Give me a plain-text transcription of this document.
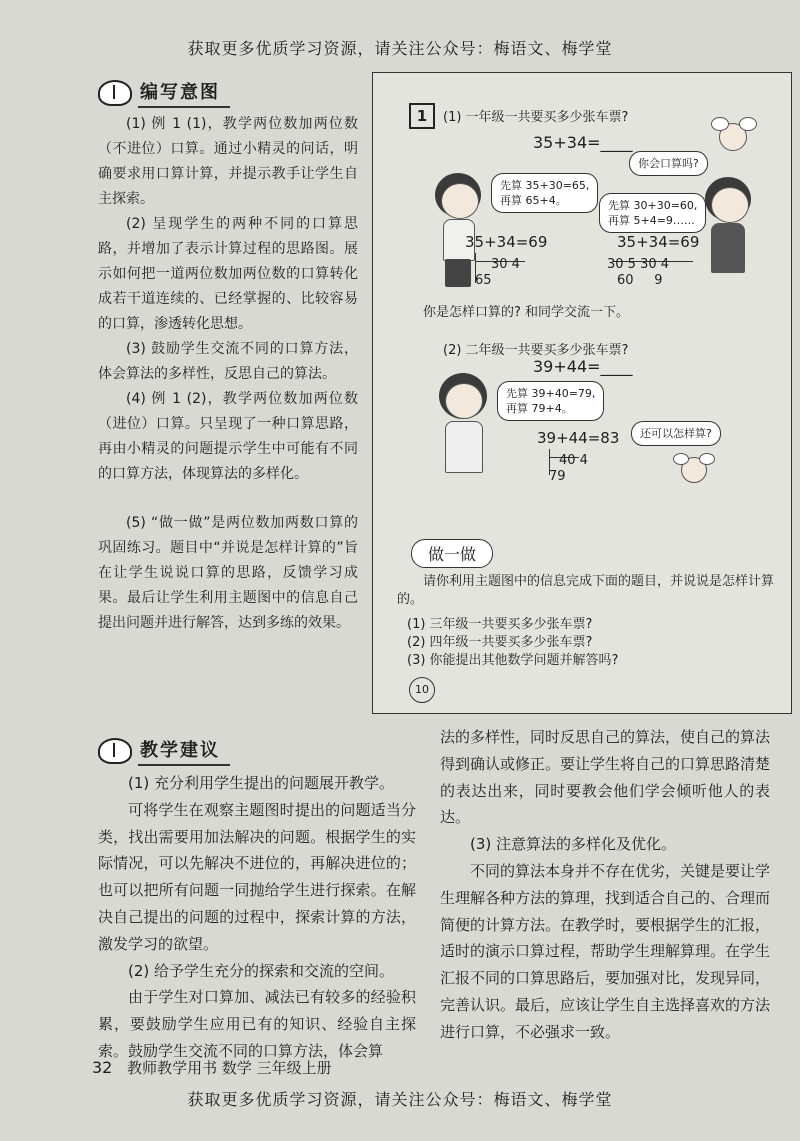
获取更多优质学习资源，请关注公众号：梅语文、梅学堂
编写意图

(1) 例 1 (1)，教学两位数加两位数（不进位）口算。通过小精灵的问话，明确要求用口算计算，并提示教手让学生自主探索。

(2) 呈现学生的两种不同的口算思路，并增加了表示计算过程的思路图。展示如何把一道两位数加两位数的口算转化成若干道连续的、已经掌握的、比较容易的口算，渗透转化思想。

(3) 鼓励学生交流不同的口算方法，体会算法的多样性，反思自己的算法。

(4) 例 1 (2)，教学两位数加两位数（进位）口算。只呈现了一种口算思路，再由小精灵的问题提示学生中可能有不同的口算方法，体现算法的多样化。

(5) “做一做”是两位数加两数口算的巩固练习。题目中“并说是怎样计算的”旨在让学生说说口算的思路，反馈学习成果。最后让学生利用主题图中的信息自己提出问题并进行解答，达到多练的效果。

1	(1) 一年级一共要买多少张车票?
35+34=____
你会口算吗?
先算 35+30=65,
再算 65+4。	先算 30+30=60,
再算 5+4=9……
35+34=69
30 4
65
35+34=69
30 5 30 4
60     9
你是怎样口算的? 和同学交流一下。
(2) 二年级一共要买多少张车票?
39+44=____
先算 39+40=79,
再算 79+4。
39+44=83
40 4
79
还可以怎样算?
做一做
请你利用主题图中的信息完成下面的题目，并说说是怎样计算的。
(1) 三年级一共要买多少张车票?
(2) 四年级一共要买多少张车票?
(3) 你能提出其他数学问题并解答吗?
10
教学建议

(1) 充分利用学生提出的问题展开教学。

可将学生在观察主题图时提出的问题适当分类，找出需要用加法解决的问题。根据学生的实际情况，可以先解决不进位的，再解决进位的；也可以把所有问题一同抛给学生进行探索。在解决自己提出的问题的过程中，探索计算的方法，激发学习的欲望。

(2) 给予学生充分的探索和交流的空间。

由于学生对口算加、减法已有较多的经验积累，要鼓励学生应用已有的知识、经验自主探索。鼓励学生交流不同的口算方法，体会算

法的多样性，同时反思自己的算法，使自己的算法得到确认或修正。要让学生将自己的口算思路清楚的表达出来，同时要教会他们学会倾听他人的表达。

(3) 注意算法的多样化及优化。

不同的算法本身并不存在优劣，关键是要让学生理解各种方法的算理，找到适合自己的、合理而简便的计算方法。在教学时，要根据学生的汇报，适时的演示口算过程，帮助学生理解算理。在学生汇报不同的口算思路后，要加强对比，发现异同，完善认识。最后，应该让学生自主选择喜欢的方法进行口算，不必强求一致。

32 教师教学用书 数学 三年级上册
获取更多优质学习资源，请关注公众号：梅语文、梅学堂
